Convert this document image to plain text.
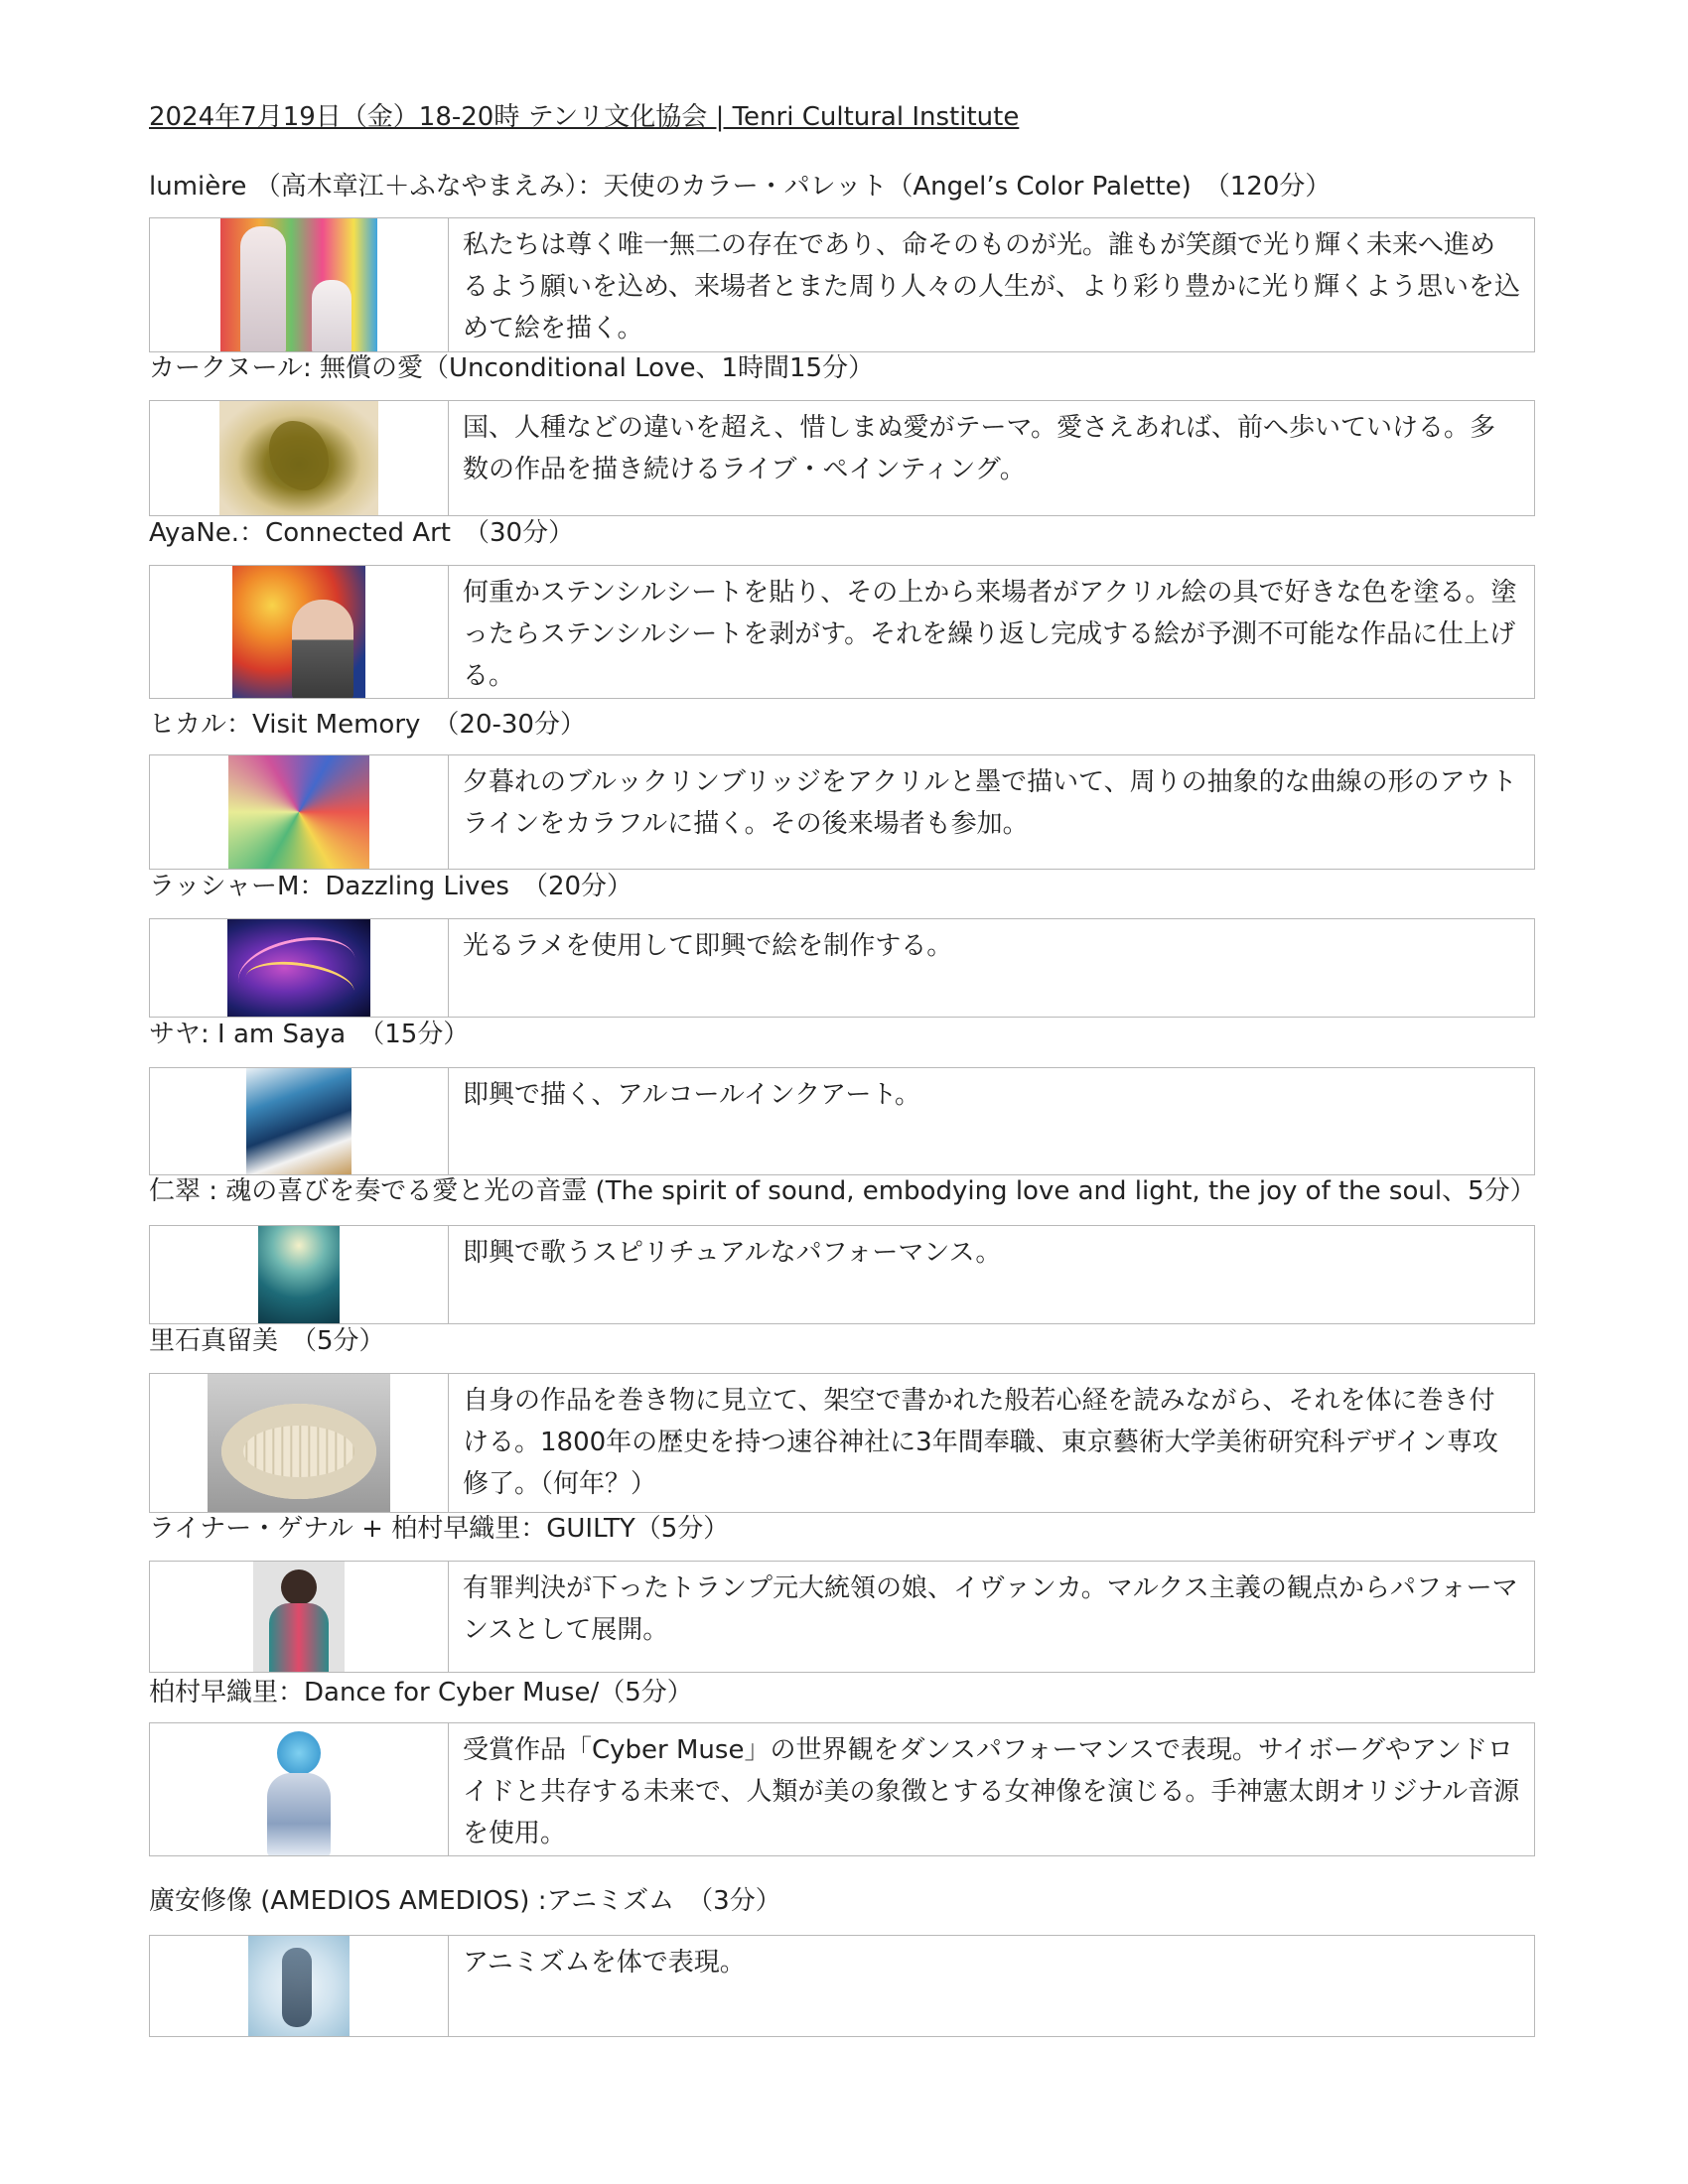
2024年7月19日（金）18-20時 テンリ文化協会 | Tenri Cultural Institute
lumière （高木章江＋ふなやまえみ）：天使のカラー・パレット（Angel’s Color Palette)　（120分）
私たちは尊く唯一無二の存在であり、命そのものが光。誰もが笑顔で光り輝く未来へ進めるよう願いを込め、来場者とまた周り人々の人生が、より彩り豊かに光り輝くよう思いを込めて絵を描く。
カークヌール: 無償の愛（Unconditional Love、1時間15分）
国、人種などの違いを超え、惜しまぬ愛がテーマ。愛さえあれば、前へ歩いていける。多数の作品を描き続けるライブ・ペインティング。
AyaNe.：Connected Art　（30分）
何重かステンシルシートを貼り、その上から来場者がアクリル絵の具で好きな色を塗る。塗ったらステンシルシートを剥がす。それを繰り返し完成する絵が予測不可能な作品に仕上げる。
ヒカル：Visit Memory　（20-30分）
夕暮れのブルックリンブリッジをアクリルと墨で描いて、周りの抽象的な曲線の形のアウトラインをカラフルに描く。その後来場者も参加。
ラッシャーM：Dazzling Lives　（20分）
光るラメを使用して即興で絵を制作する。
サヤ: I am Saya　（15分）
即興で描く、アルコールインクアート。
仁翠 : 魂の喜びを奏でる愛と光の音霊 (The spirit of sound, embodying love and light, the joy of the soul、5分）
即興で歌うスピリチュアルなパフォーマンス。
里石真留美　（5分）
自身の作品を巻き物に見立て、架空で書かれた般若心経を読みながら、それを体に巻き付ける。1800年の歴史を持つ速谷神社に3年間奉職、東京藝術大学美術研究科デザイン専攻修了。（何年？）
ライナー・ゲナル + 柏村早織里：GUILTY（5分）
有罪判決が下ったトランプ元大統領の娘、イヴァンカ。マルクス主義の観点からパフォーマンスとして展開。
柏村早織里：Dance for Cyber Muse/（5分）
受賞作品「Cyber Muse」の世界観をダンスパフォーマンスで表現。サイボーグやアンドロイドと共存する未来で、人類が美の象徴とする女神像を演じる。手神憲太朗オリジナル音源を使用。
廣安修像 (AMEDIOS AMEDIOS) :アニミズム　（3分）
アニミズムを体で表現。
